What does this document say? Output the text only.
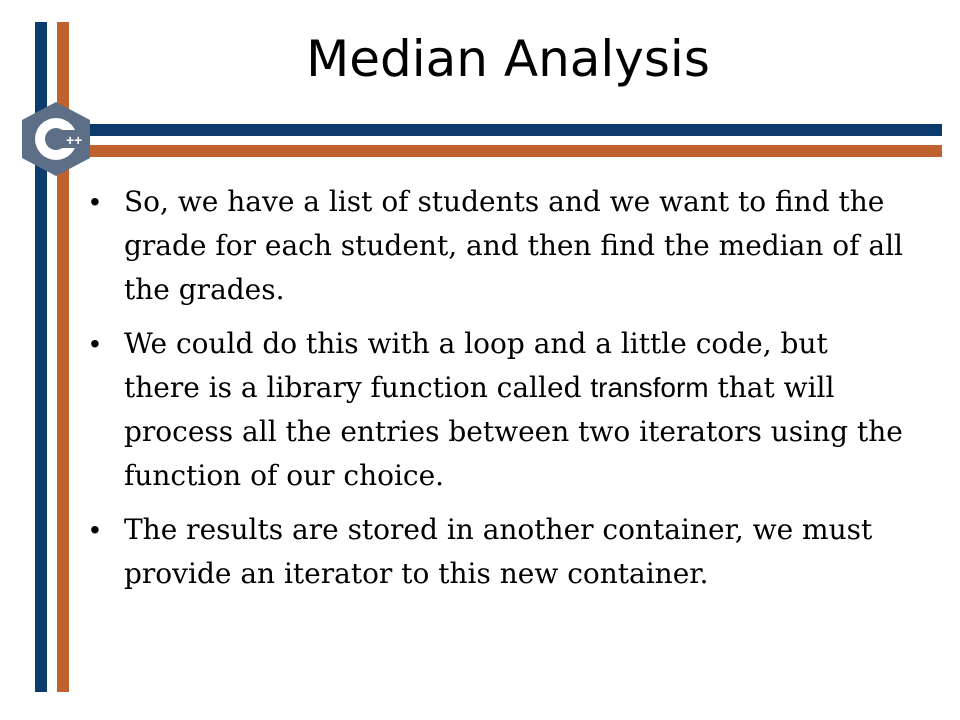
++
Median Analysis
• So, we have a list of students and we want to find the grade for each student, and then find the median of all the grades.
• We could do this with a loop and a little code, but there is a library function called transform that will process all the entries between two iterators using the function of our choice.
• The results are stored in another container, we must provide an iterator to this new container.
